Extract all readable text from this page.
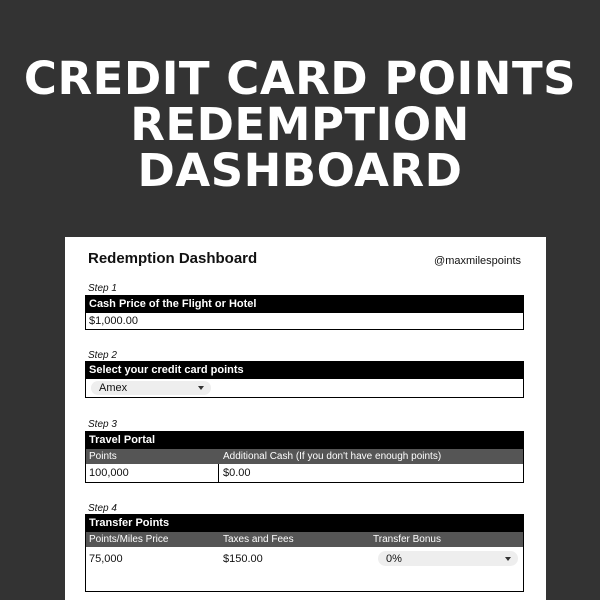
CREDIT CARD POINTS
REDEMPTION
DASHBOARD
Redemption Dashboard	@maxmilespoints
Step 1
Cash Price of the Flight or Hotel
$1,000.00
Step 2
Select your credit card points
Amex
Step 3
Travel Portal
Points	Additional Cash (If you don't have enough points)
100,000	$0.00
Step 4
Transfer Points
Points/Miles Price	Taxes and Fees	Transfer Bonus
75,000	$150.00	0%
